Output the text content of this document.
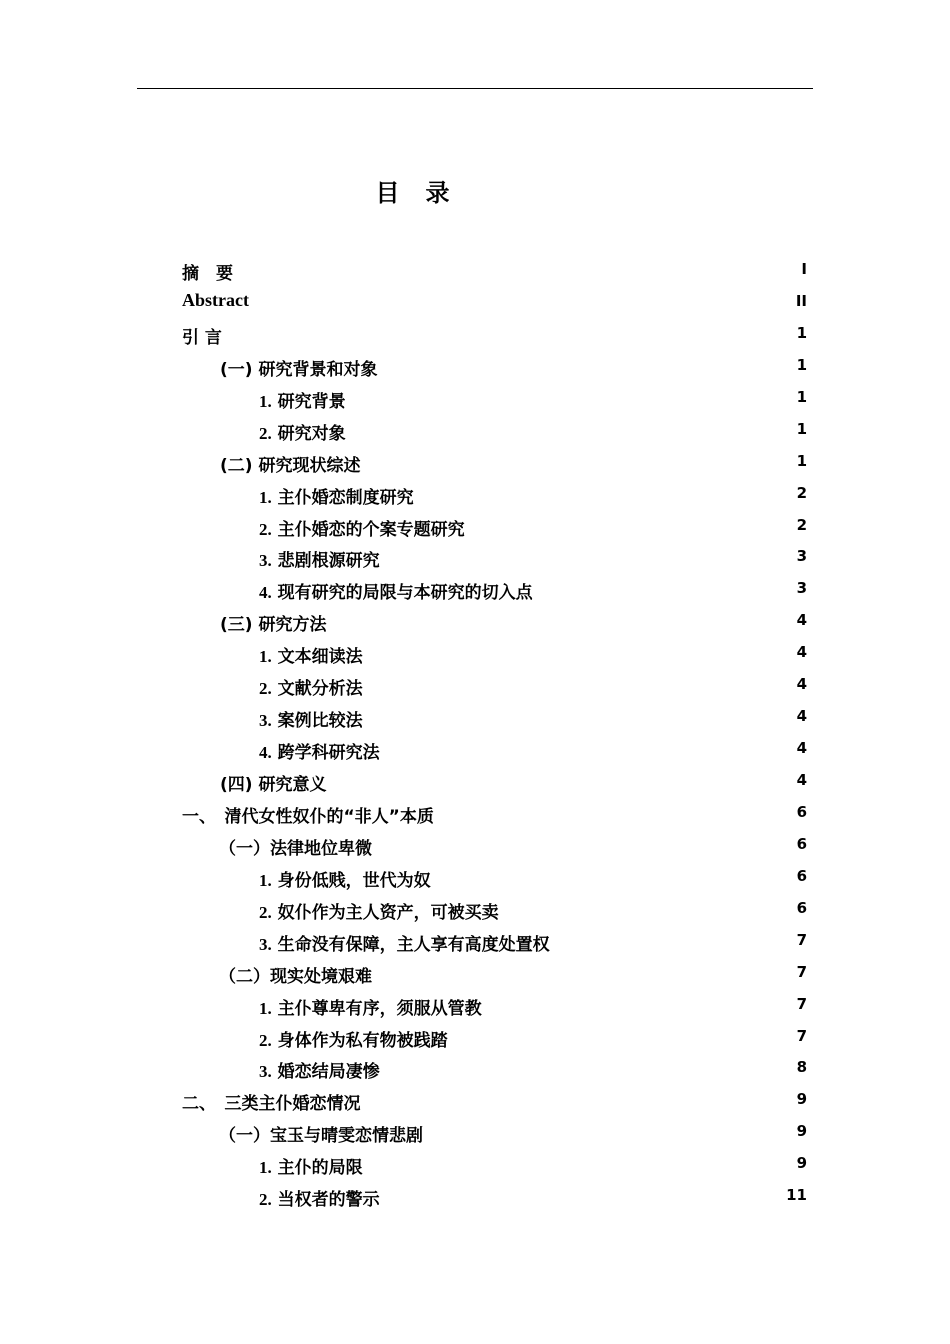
目　录
摘　要	I
Abstract	II
引 言	1
(一) 研究背景和对象	1
1. 研究背景	1
2. 研究对象	1
(二) 研究现状综述	1
1. 主仆婚恋制度研究	2
2. 主仆婚恋的个案专题研究	2
3. 悲剧根源研究	3
4. 现有研究的局限与本研究的切入点	3
(三) 研究方法	4
1. 文本细读法	4
2. 文献分析法	4
3. 案例比较法	4
4. 跨学科研究法	4
(四) 研究意义	4
一、　清代女性奴仆的“非人”本质	6
（一）法律地位卑微	6
1. 身份低贱，世代为奴	6
2. 奴仆作为主人资产，可被买卖	6
3. 生命没有保障，主人享有高度处置权	7
（二）现实处境艰难	7
1. 主仆尊卑有序，须服从管教	7
2. 身体作为私有物被践踏	7
3. 婚恋结局凄惨	8
二、　三类主仆婚恋情况	9
（一）宝玉与晴雯恋情悲剧	9
1. 主仆的局限	9
2. 当权者的警示	11
